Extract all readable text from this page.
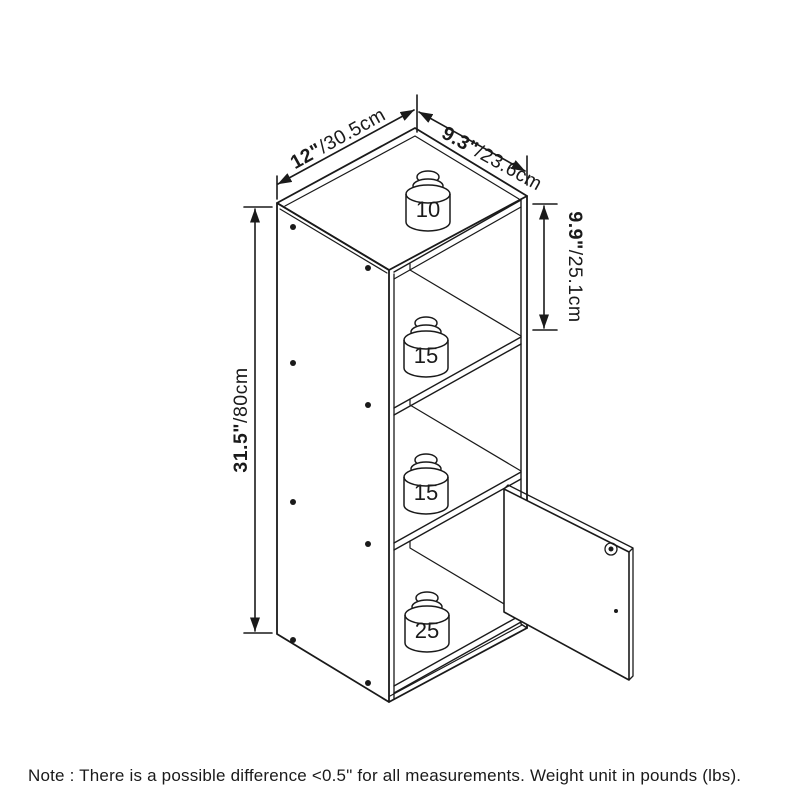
10
15
15
25
12"/30.5cm 9.3"/23.6cm
31.5"/80cm
9.9"/25.1cm
Note : There is a possible difference <0.5" for all measurements. Weight unit in pounds (lbs).
